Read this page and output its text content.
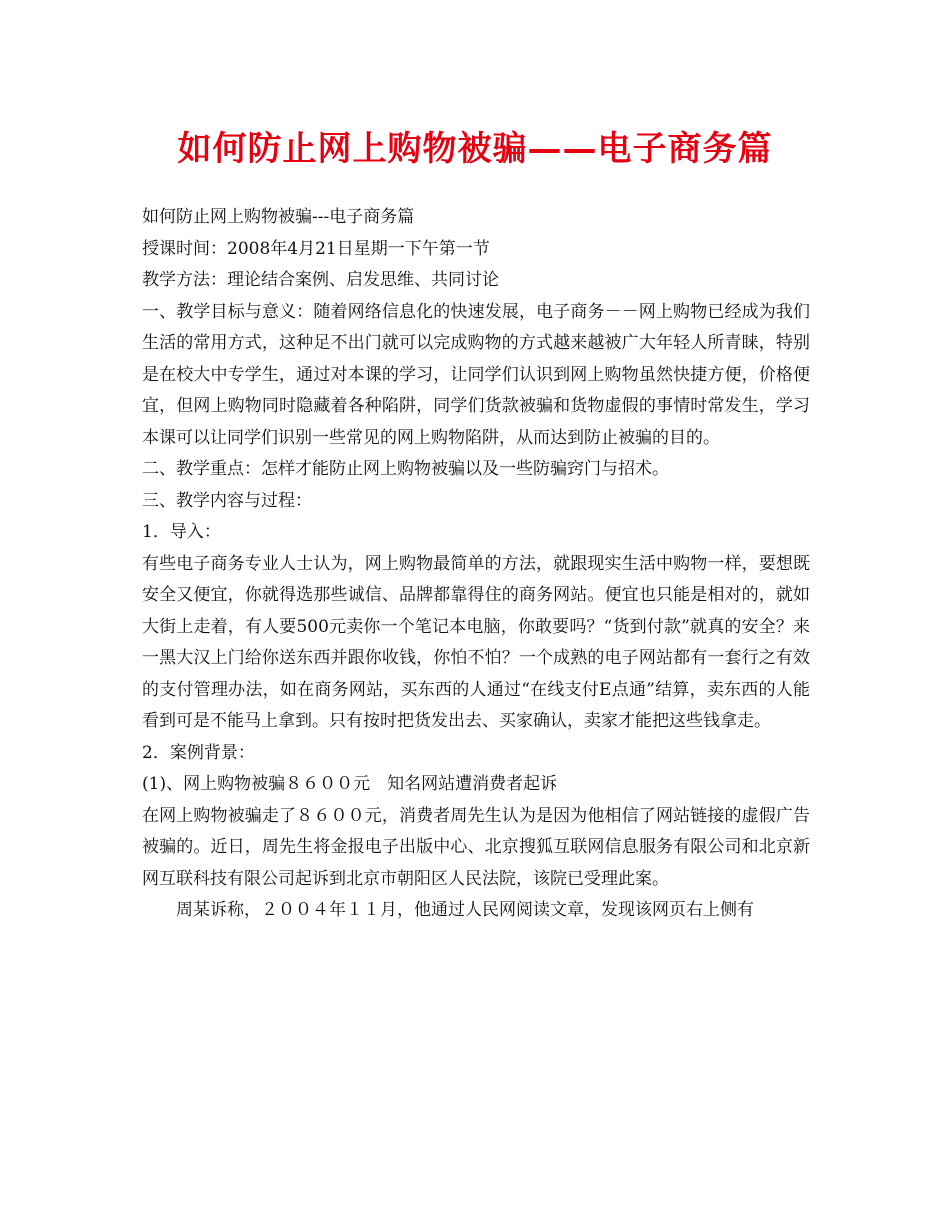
如何防止网上购物被骗——电子商务篇

如何防止网上购物被骗---电子商务篇

授课时间：2008年4月21日星期一下午第一节

教学方法：理论结合案例、启发思维、共同讨论

一、教学目标与意义：随着网络信息化的快速发展，电子商务－－网上购物已经成为我们生活的常用方式，这种足不出门就可以完成购物的方式越来越被广大年轻人所青睐，特别是在校大中专学生，通过对本课的学习，让同学们认识到网上购物虽然快捷方便，价格便宜，但网上购物同时隐藏着各种陷阱，同学们货款被骗和货物虚假的事情时常发生，学习本课可以让同学们识别一些常见的网上购物陷阱，从而达到防止被骗的目的。

二、教学重点：怎样才能防止网上购物被骗以及一些防骗窍门与招术。

三、教学内容与过程：

1．导入：

有些电子商务专业人士认为，网上购物最简单的方法，就跟现实生活中购物一样，要想既安全又便宜，你就得选那些诚信、品牌都靠得住的商务网站。便宜也只能是相对的，就如大街上走着，有人要500元卖你一个笔记本电脑，你敢要吗？“货到付款”就真的安全？来一黑大汉上门给你送东西并跟你收钱，你怕不怕？一个成熟的电子网站都有一套行之有效的支付管理办法，如在商务网站，买东西的人通过“在线支付E点通”结算，卖东西的人能看到可是不能马上拿到。只有按时把货发出去、买家确认，卖家才能把这些钱拿走。

2．案例背景：

(1)、网上购物被骗８６００元　知名网站遭消费者起诉

在网上购物被骗走了８６００元，消费者周先生认为是因为他相信了网站链接的虚假广告被骗的。近日，周先生将金报电子出版中心、北京搜狐互联网信息服务有限公司和北京新网互联科技有限公司起诉到北京市朝阳区人民法院，该院已受理此案。

周某诉称，２００４年１１月，他通过人民网阅读文章，发现该网页右上侧有
